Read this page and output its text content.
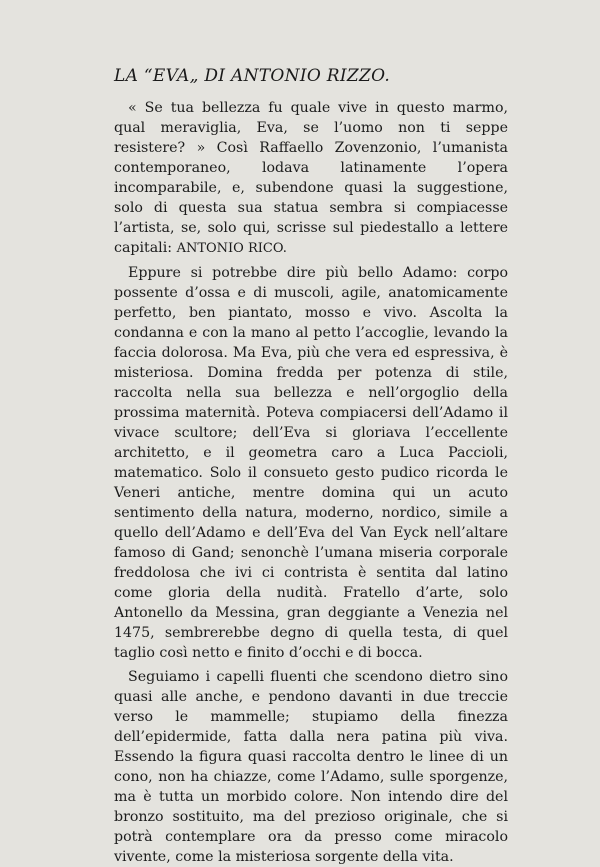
LA “EVA„ DI ANTONIO RIZZO.

« Se tua bellezza fu quale vive in questo marmo, qual meraviglia, Eva, se l’uomo non ti seppe resistere? » Così Raffaello Zovenzonio, l’umanista contemporaneo, lodava latinamente l’opera incomparabile, e, subendone quasi la suggestione, solo di questa sua statua sembra si compiacesse l’artista, se, solo qui, scrisse sul piedestallo a lettere capitali: ANTONIO RICO.

Eppure si potrebbe dire più bello Adamo: corpo possente d’ossa e di muscoli, agile, anatomicamente perfetto, ben piantato, mosso e vivo. Ascolta la condanna e con la mano al petto l’accoglie, levando la faccia dolorosa. Ma Eva, più che vera ed espressiva, è misteriosa. Domina fredda per potenza di stile, raccolta nella sua bellezza e nell’orgoglio della prossima maternità. Poteva compiacersi dell’Adamo il vivace scultore; dell’Eva si gloriava l’eccellente architetto, e il geometra caro a Luca Paccioli, matematico. Solo il consueto gesto pudico ricorda le Veneri antiche, mentre domina qui un acuto sentimento della natura, moderno, nordico, simile a quello dell’Adamo e dell’Eva del Van Eyck nell’altare famoso di Gand; senonchè l’umana miseria corporale freddolosa che ivi ci contrista è sentita dal latino come gloria della nudità. Fratello d’arte, solo Antonello da Messina, gran deggiante a Venezia nel 1475, sembrerebbe degno di quella testa, di quel taglio così netto e finito d’occhi e di bocca.

Seguiamo i capelli fluenti che scendono dietro sino quasi alle anche, e pendono davanti in due treccie verso le mammelle; stupiamo della finezza dell’epidermide, fatta dalla nera patina più viva. Essendo la figura quasi raccolta dentro le linee di un cono, non ha chiazze, come l’Adamo, sulle sporgenze, ma è tutta un morbido colore. Non intendo dire del bronzo sostituito, ma del prezioso originale, che si potrà contemplare ora da presso come miracolo vivente, come la misteriosa sorgente della vita.
